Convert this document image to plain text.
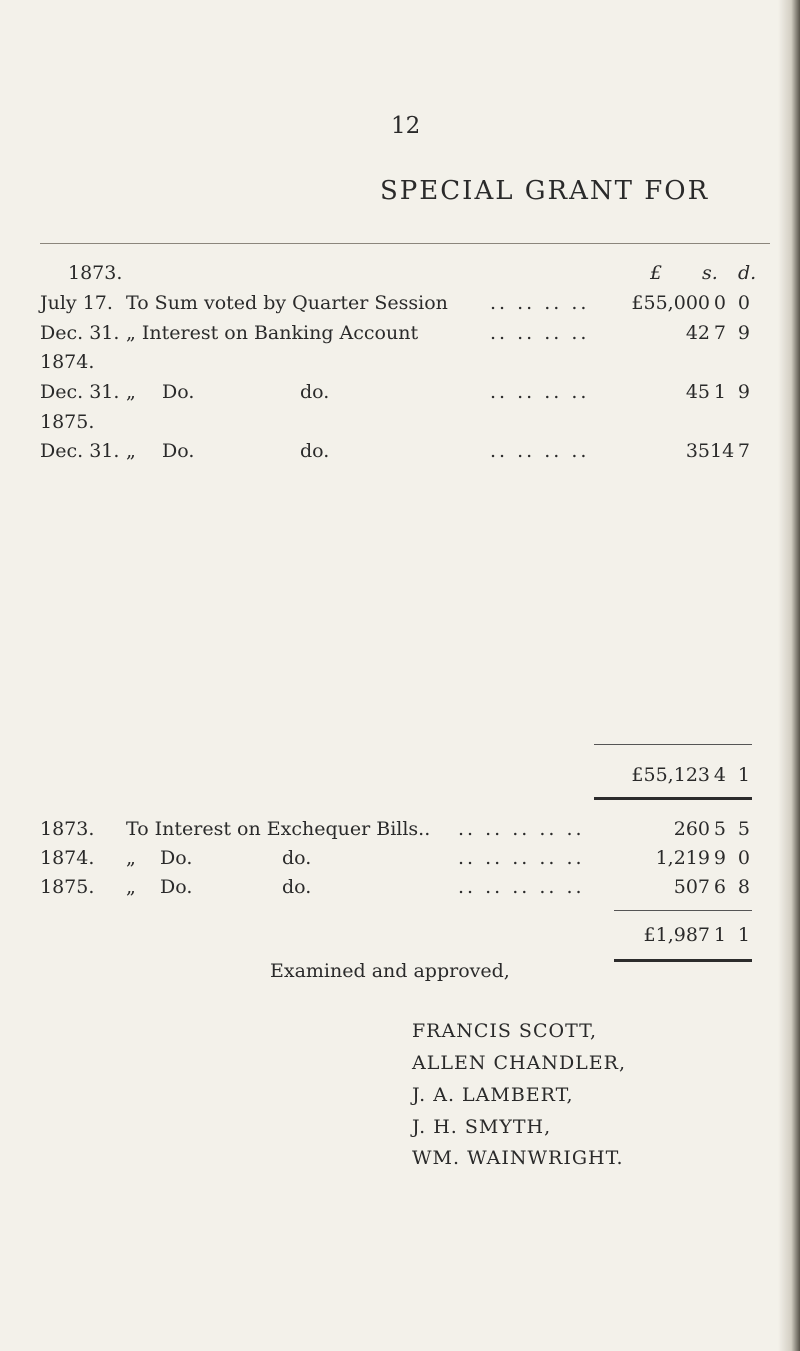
12
SPECIAL GRANT FOR
1873.	£ s. d.
July 17. To Sum voted by Quarter Session .. .. .. ..	£55,000 0 0
Dec. 31. „ Interest on Banking Account	.. .. .. ..	42 7 9
1874.
Dec. 31. „ Do.	do.	.. .. .. ..	45 1 9
1875.
Dec. 31. „ Do.	do.	.. .. .. ..	35 14 7
£55,123 4 1
1873. To Interest on Exchequer Bills.. .. .. .. .. ..	260 5 5
1874. „ Do.	do.	.. .. .. .. ..	1,219 9 0
1875. „ Do.	do.	.. .. .. .. ..	507 6 8
£1,987 1 1
Examined and approved,
FRANCIS SCOTT,
ALLEN CHANDLER,
J. A. LAMBERT,
J. H. SMYTH,
WM. WAINWRIGHT.
